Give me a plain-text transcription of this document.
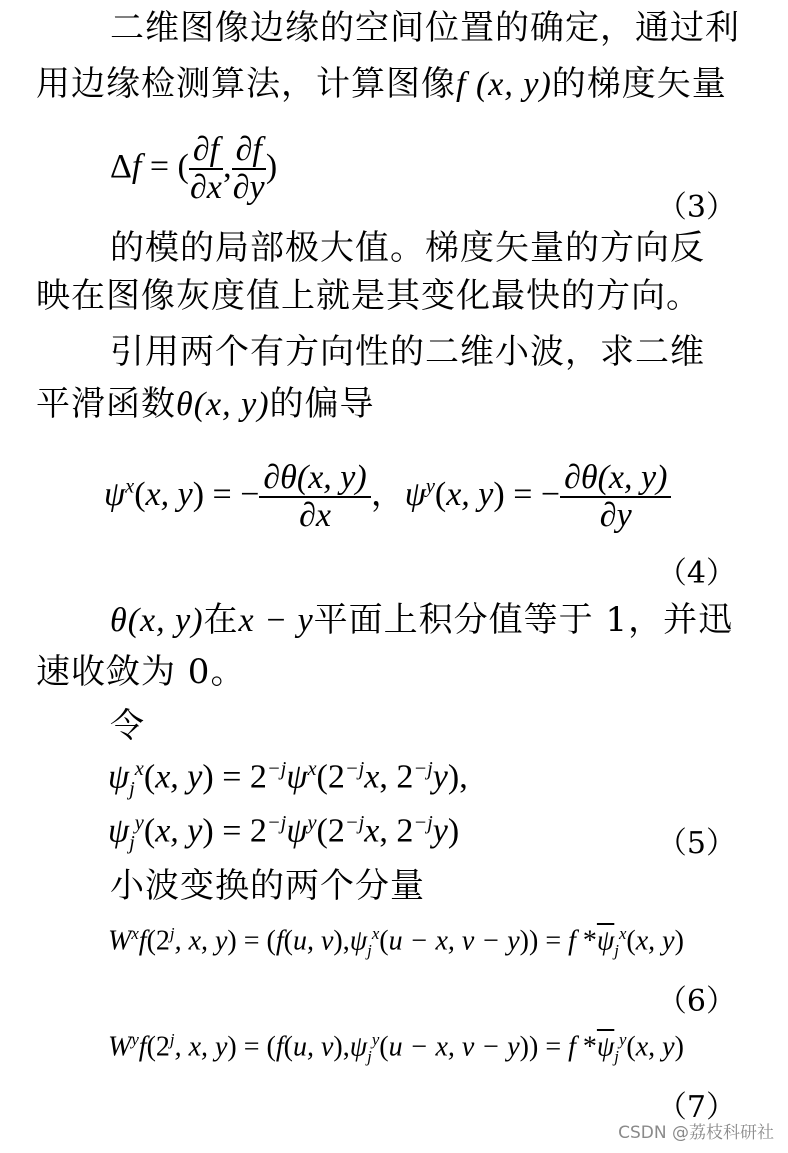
二维图像边缘的空间位置的确定，通过利
用边缘检测算法，计算图像f (x, y)的梯度矢量
Δf = ( $\frac{\partial f}{\partial x}$ , $\frac{\partial f}{\partial y}$ )
（3）
的模的局部极大值。梯度矢量的方向反
映在图像灰度值上就是其变化最快的方向。
引用两个有方向性的二维小波，求二维
平滑函数θ(x, y)的偏导
$\psi^x(x$, y) = − $\frac{\partial\theta(x, y)}{\partial x}$ ，$\psi^y(x$, y) = − $\frac{\partial\theta(x, y)}{\partial y}$
（4）
θ(x, y)在x − y平面上积分值等于 1，并迅
速收敛为 0。
令
$\psi_j^x(x$, $y) = 2^{-j}\psi^x(2^{-j}x$, $2^{-j}y$),
$\psi_j^y(x$, $y) = 2^{-j}\psi^y(2^{-j}x$, $2^{-j}y$)	（5）
小波变换的两个分量
$W^xf(2^j$, x, y) = (f(u, $v),\psi_j^x(u - x$, v − y)) = f $*\overline{\psi}_j^x(x$, y)
（6）
$W^yf(2^j$, x, y) = (f(u, $v),\psi_j^y(u - x$, v − y)) = f $*\overline{\psi}_j^y(x$, y)
（7）
CSDN @荔枝科研社
